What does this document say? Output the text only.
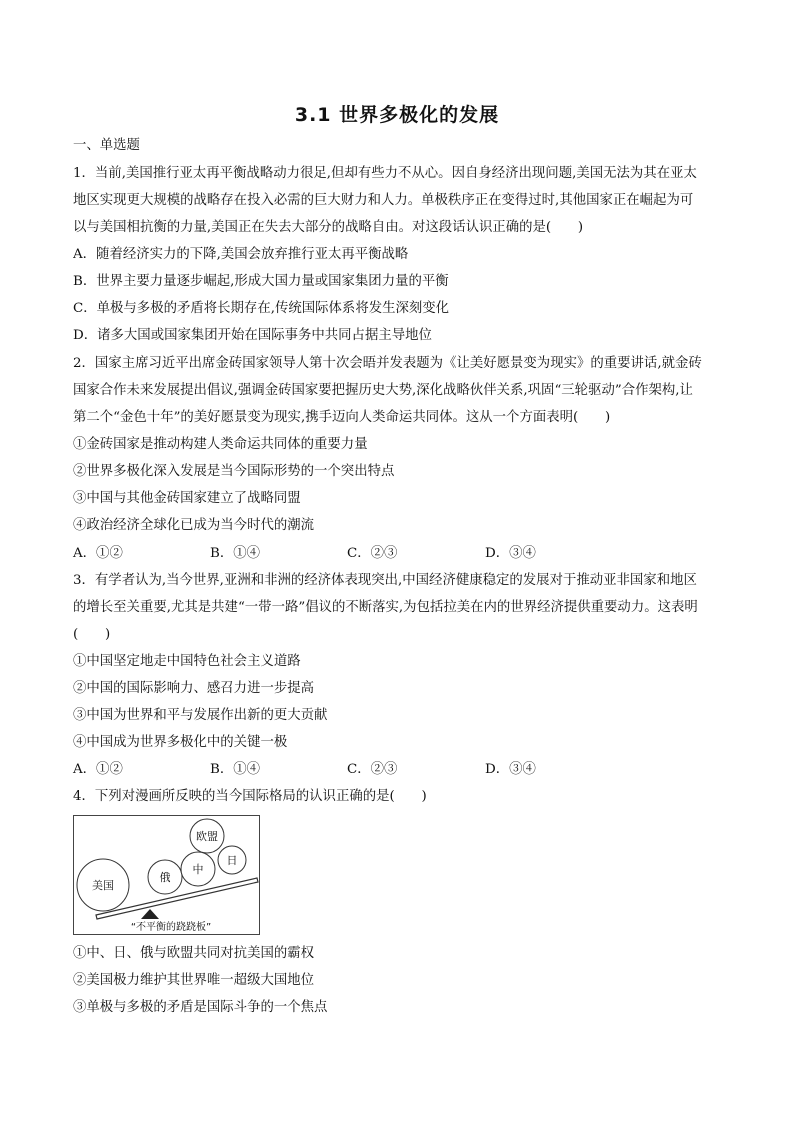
3.1 世界多极化的发展
一、单选题
1．当前,美国推行亚太再平衡战略动力很足,但却有些力不从心。因自身经济出现问题,美国无法为其在亚太
地区实现更大规模的战略存在投入必需的巨大财力和人力。单极秩序正在变得过时,其他国家正在崛起为可
以与美国相抗衡的力量,美国正在失去大部分的战略自由。对这段话认识正确的是(　　)
A．随着经济实力的下降,美国会放弃推行亚太再平衡战略
B．世界主要力量逐步崛起,形成大国力量或国家集团力量的平衡
C．单极与多极的矛盾将长期存在,传统国际体系将发生深刻变化
D．诸多大国或国家集团开始在国际事务中共同占据主导地位
2．国家主席习近平出席金砖国家领导人第十次会晤并发表题为《让美好愿景变为现实》的重要讲话,就金砖
国家合作未来发展提出倡议,强调金砖国家要把握历史大势,深化战略伙伴关系,巩固“三轮驱动”合作架构,让
第二个“金色十年”的美好愿景变为现实,携手迈向人类命运共同体。这从一个方面表明(　　)
①金砖国家是推动构建人类命运共同体的重要力量
②世界多极化深入发展是当今国际形势的一个突出特点
③中国与其他金砖国家建立了战略同盟
④政治经济全球化已成为当今时代的潮流
A．①②	B．①④	C．②③	D．③④
3．有学者认为,当今世界,亚洲和非洲的经济体表现突出,中国经济健康稳定的发展对于推动亚非国家和地区
的增长至关重要,尤其是共建“一带一路”倡议的不断落实,为包括拉美在内的世界经济提供重要动力。这表明
(　　)
①中国坚定地走中国特色社会主义道路
②中国的国际影响力、感召力进一步提高
③中国为世界和平与发展作出新的更大贡献
④中国成为世界多极化中的关键一极
A．①②	B．①④	C．②③	D．③④
4．下列对漫画所反映的当今国际格局的认识正确的是(　　)
美国
俄
中
欧盟
日
“不平衡的跷跷板”
①中、日、俄与欧盟共同对抗美国的霸权
②美国极力维护其世界唯一超级大国地位
③单极与多极的矛盾是国际斗争的一个焦点
